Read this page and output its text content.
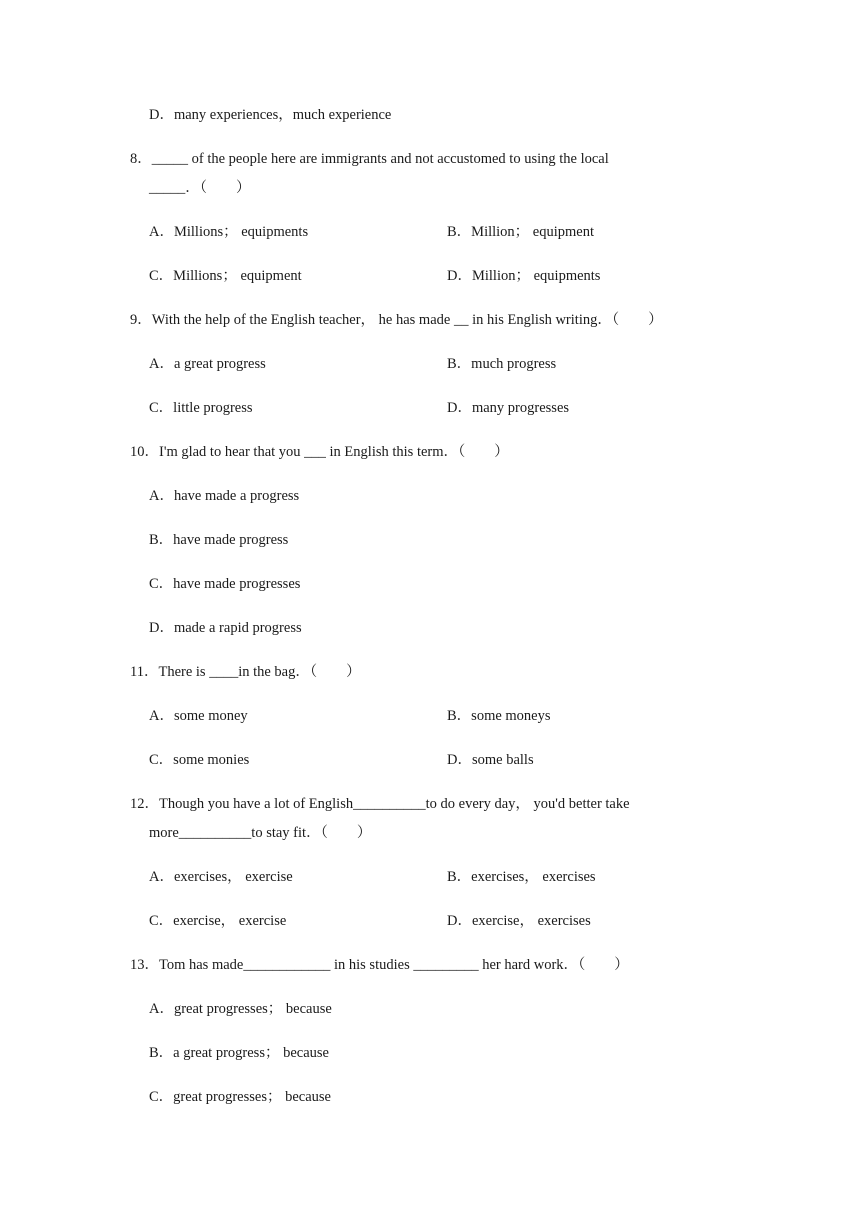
D．many experiences，much experience
8．_____ of the people here are immigrants and not accustomed to using the local
_____．（　　）
A．Millions； equipments	B．Million； equipment
C．Millions； equipment	D．Million； equipments
9．With the help of the English teacher， he has made __ in his English writing．（　　）
A．a great progress	B．much progress
C．little progress	D．many progresses
10．I'm glad to hear that you ___ in English this term．（　　）
A．have made a progress
B．have made progress
C．have made progresses
D．made a rapid progress
11．There is ____in the bag．（　　）
A．some money	B．some moneys
C．some monies	D．some balls
12．Though you have a lot of English__________to do every day， you'd better take
more__________to stay fit．（　　）
A．exercises， exercise	B．exercises， exercises
C．exercise， exercise	D．exercise， exercises
13．Tom has made____________ in his studies _________ her hard work．（　　）
A．great progresses； because
B．a great progress； because
C．great progresses； because
